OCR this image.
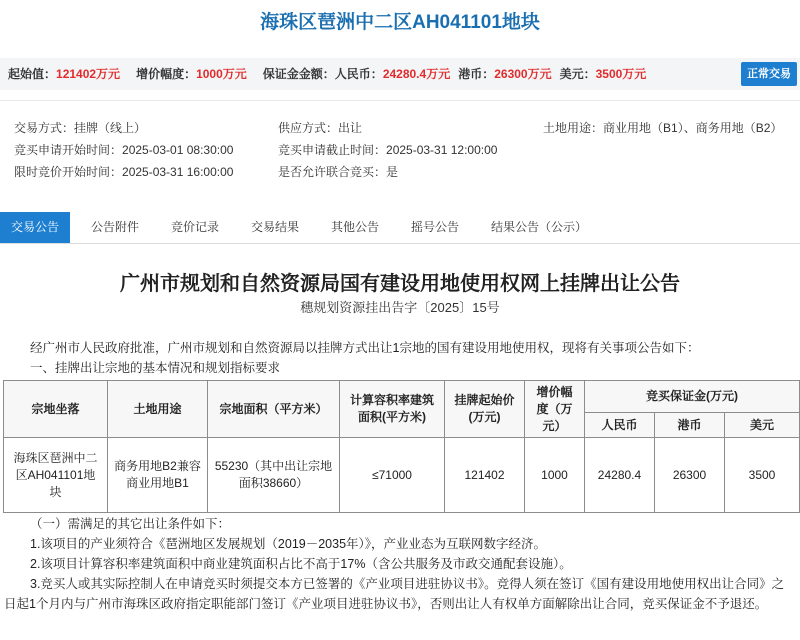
海珠区琶洲中二区AH041101地块
起始值：121402万元 增价幅度：1000万元 保证金金额：人民币：24280.4万元 港币：26300万元 美元：3500万元	正常交易
交易方式：挂牌（线上）	供应方式：出让	土地用途：商业用地（B1）、商务用地（B2）
竞买申请开始时间：2025-03-01 08:30:00	竞买申请截止时间：2025-03-31 12:00:00
限时竞价开始时间：2025-03-31 16:00:00	是否允许联合竞买：是
交易公告	公告附件	竞价记录	交易结果	其他公告	摇号公告	结果公告（公示）
广州市规划和自然资源局国有建设用地使用权网上挂牌出让公告
穗规划资源挂出告字〔2025〕15号
经广州市人民政府批准，广州市规划和自然资源局以挂牌方式出让1宗地的国有建设用地使用权，现将有关事项公告如下：
一、挂牌出让宗地的基本情况和规划指标要求
宗地坐落	土地用途	宗地面积（平方米）	计算容积率建筑面积(平方米)	挂牌起始价(万元)	增价幅度（万元）	竞买保证金(万元)		
						人民币	港币	美元
海珠区琶洲中二区AH041101地块	商务用地B2兼容商业用地B1	55230（其中出让宗地面积38660）	≤71000	121402	1000	24280.4	26300	3500

（一）需满足的其它出让条件如下：

1.该项目的产业须符合《琶洲地区发展规划（2019－2035年）》，产业业态为互联网数字经济。

2.该项目计算容积率建筑面积中商业建筑面积占比不高于17%（含公共服务及市政交通配套设施）。

3.竞买人或其实际控制人在申请竞买时须提交本方已签署的《产业项目进驻协议书》。竞得人须在签订《国有建设用地使用权出让合同》之日起1个月内与广州市海珠区政府指定职能部门签订《产业项目进驻协议书》，否则出让人有权单方面解除出让合同，竞买保证金不予退还。
